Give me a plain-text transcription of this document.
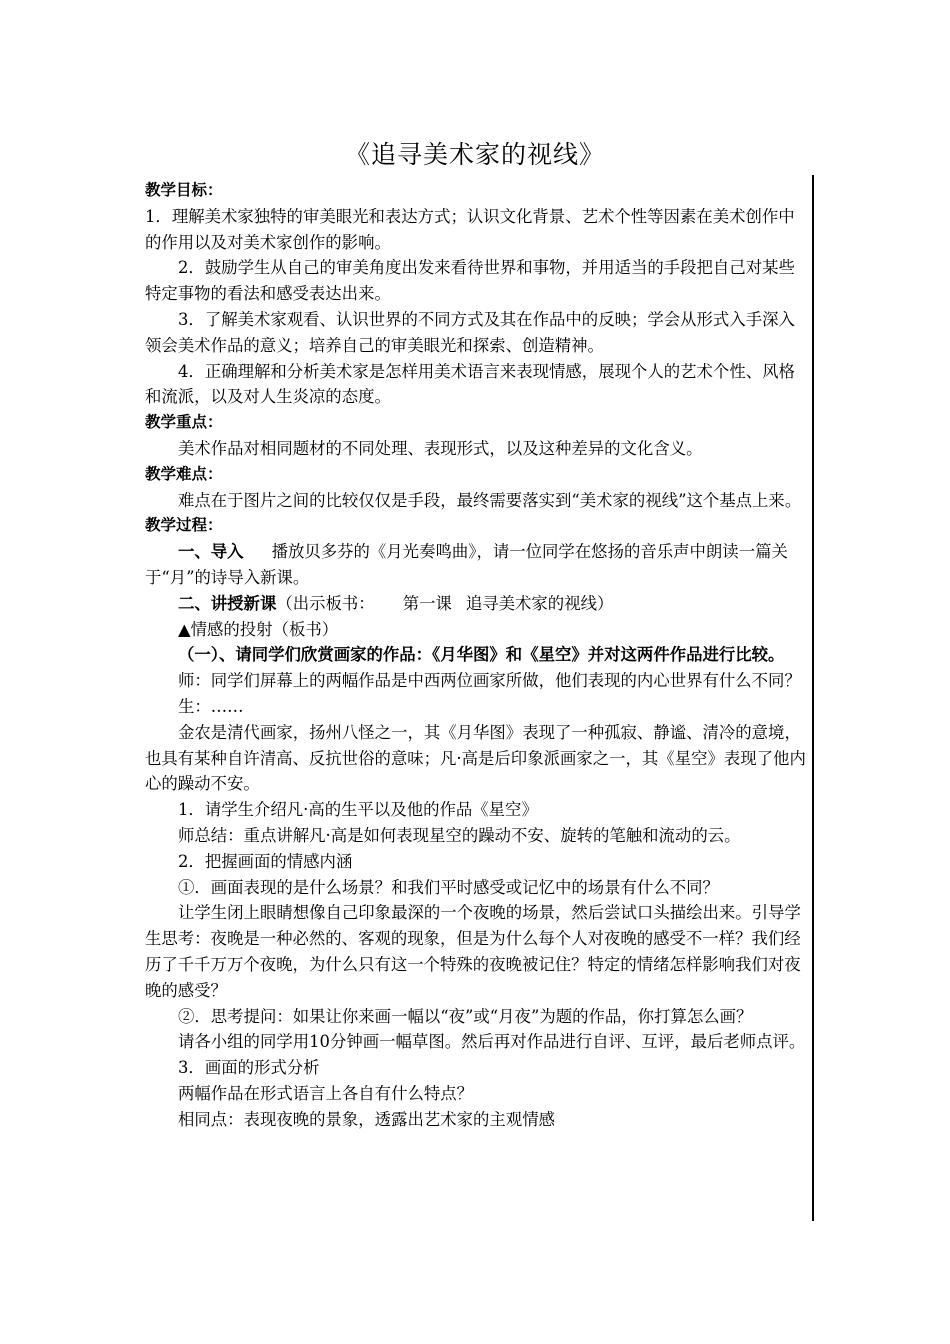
《追寻美术家的视线》

教学目标：

1．理解美术家独特的审美眼光和表达方式；认识文化背景、艺术个性等因素在美术创作中的作用以及对美术家创作的影响。

2．鼓励学生从自己的审美角度出发来看待世界和事物，并用适当的手段把自己对某些特定事物的看法和感受表达出来。

3．了解美术家观看、认识世界的不同方式及其在作品中的反映；学会从形式入手深入领会美术作品的意义；培养自己的审美眼光和探索、创造精神。

4．正确理解和分析美术家是怎样用美术语言来表现情感，展现个人的艺术个性、风格和流派，以及对人生炎凉的态度。

教学重点：

美术作品对相同题材的不同处理、表现形式，以及这种差异的文化含义。

教学难点：

难点在于图片之间的比较仅仅是手段，最终需要落实到“美术家的视线”这个基点上来。

教学过程：

一、导入 播放贝多芬的《月光奏鸣曲》，请一位同学在悠扬的音乐声中朗读一篇关于“月”的诗导入新课。

二、讲授新课（出示板书： 第一课 追寻美术家的视线）

▲情感的投射（板书）

（一）、请同学们欣赏画家的作品：《月华图》和《星空》并对这两件作品进行比较。

师：同学们屏幕上的两幅作品是中西两位画家所做，他们表现的内心世界有什么不同？

生：……

金农是清代画家，扬州八怪之一，其《月华图》表现了一种孤寂、静谧、清冷的意境，也具有某种自许清高、反抗世俗的意味；凡·高是后印象派画家之一，其《星空》表现了他内心的躁动不安。

1．请学生介绍凡·高的生平以及他的作品《星空》

师总结：重点讲解凡·高是如何表现星空的躁动不安、旋转的笔触和流动的云。

2．把握画面的情感内涵

①．画面表现的是什么场景？和我们平时感受或记忆中的场景有什么不同？

让学生闭上眼睛想像自己印象最深的一个夜晚的场景，然后尝试口头描绘出来。引导学生思考：夜晚是一种必然的、客观的现象，但是为什么每个人对夜晚的感受不一样？我们经历了千千万万个夜晚，为什么只有这一个特殊的夜晚被记住？特定的情绪怎样影响我们对夜晚的感受？

②．思考提问：如果让你来画一幅以“夜”或“月夜”为题的作品，你打算怎么画？

请各小组的同学用10分钟画一幅草图。然后再对作品进行自评、互评，最后老师点评。

3．画面的形式分析

两幅作品在形式语言上各自有什么特点？

相同点：表现夜晚的景象，透露出艺术家的主观情感
